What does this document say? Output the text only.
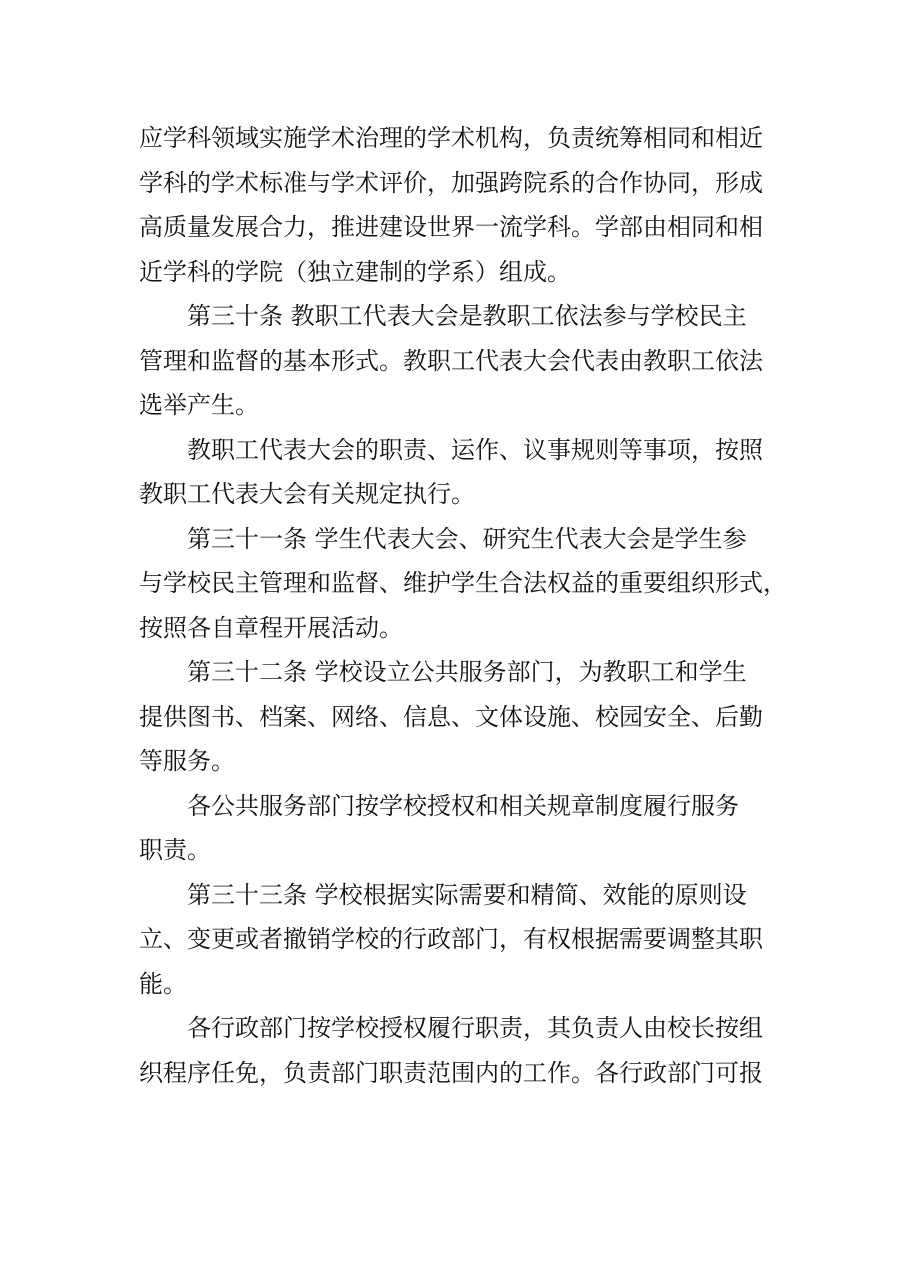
应学科领域实施学术治理的学术机构，负责统筹相同和相近
学科的学术标准与学术评价，加强跨院系的合作协同，形成
高质量发展合力，推进建设世界一流学科。学部由相同和相
近学科的学院（独立建制的学系）组成。
第三十条 教职工代表大会是教职工依法参与学校民主
管理和监督的基本形式。教职工代表大会代表由教职工依法
选举产生。
教职工代表大会的职责、运作、议事规则等事项，按照
教职工代表大会有关规定执行。
第三十一条 学生代表大会、研究生代表大会是学生参
与学校民主管理和监督、维护学生合法权益的重要组织形式，
按照各自章程开展活动。
第三十二条 学校设立公共服务部门，为教职工和学生
提供图书、档案、网络、信息、文体设施、校园安全、后勤
等服务。
各公共服务部门按学校授权和相关规章制度履行服务
职责。
第三十三条 学校根据实际需要和精简、效能的原则设
立、变更或者撤销学校的行政部门，有权根据需要调整其职
能。
各行政部门按学校授权履行职责，其负责人由校长按组
织程序任免，负责部门职责范围内的工作。各行政部门可报
